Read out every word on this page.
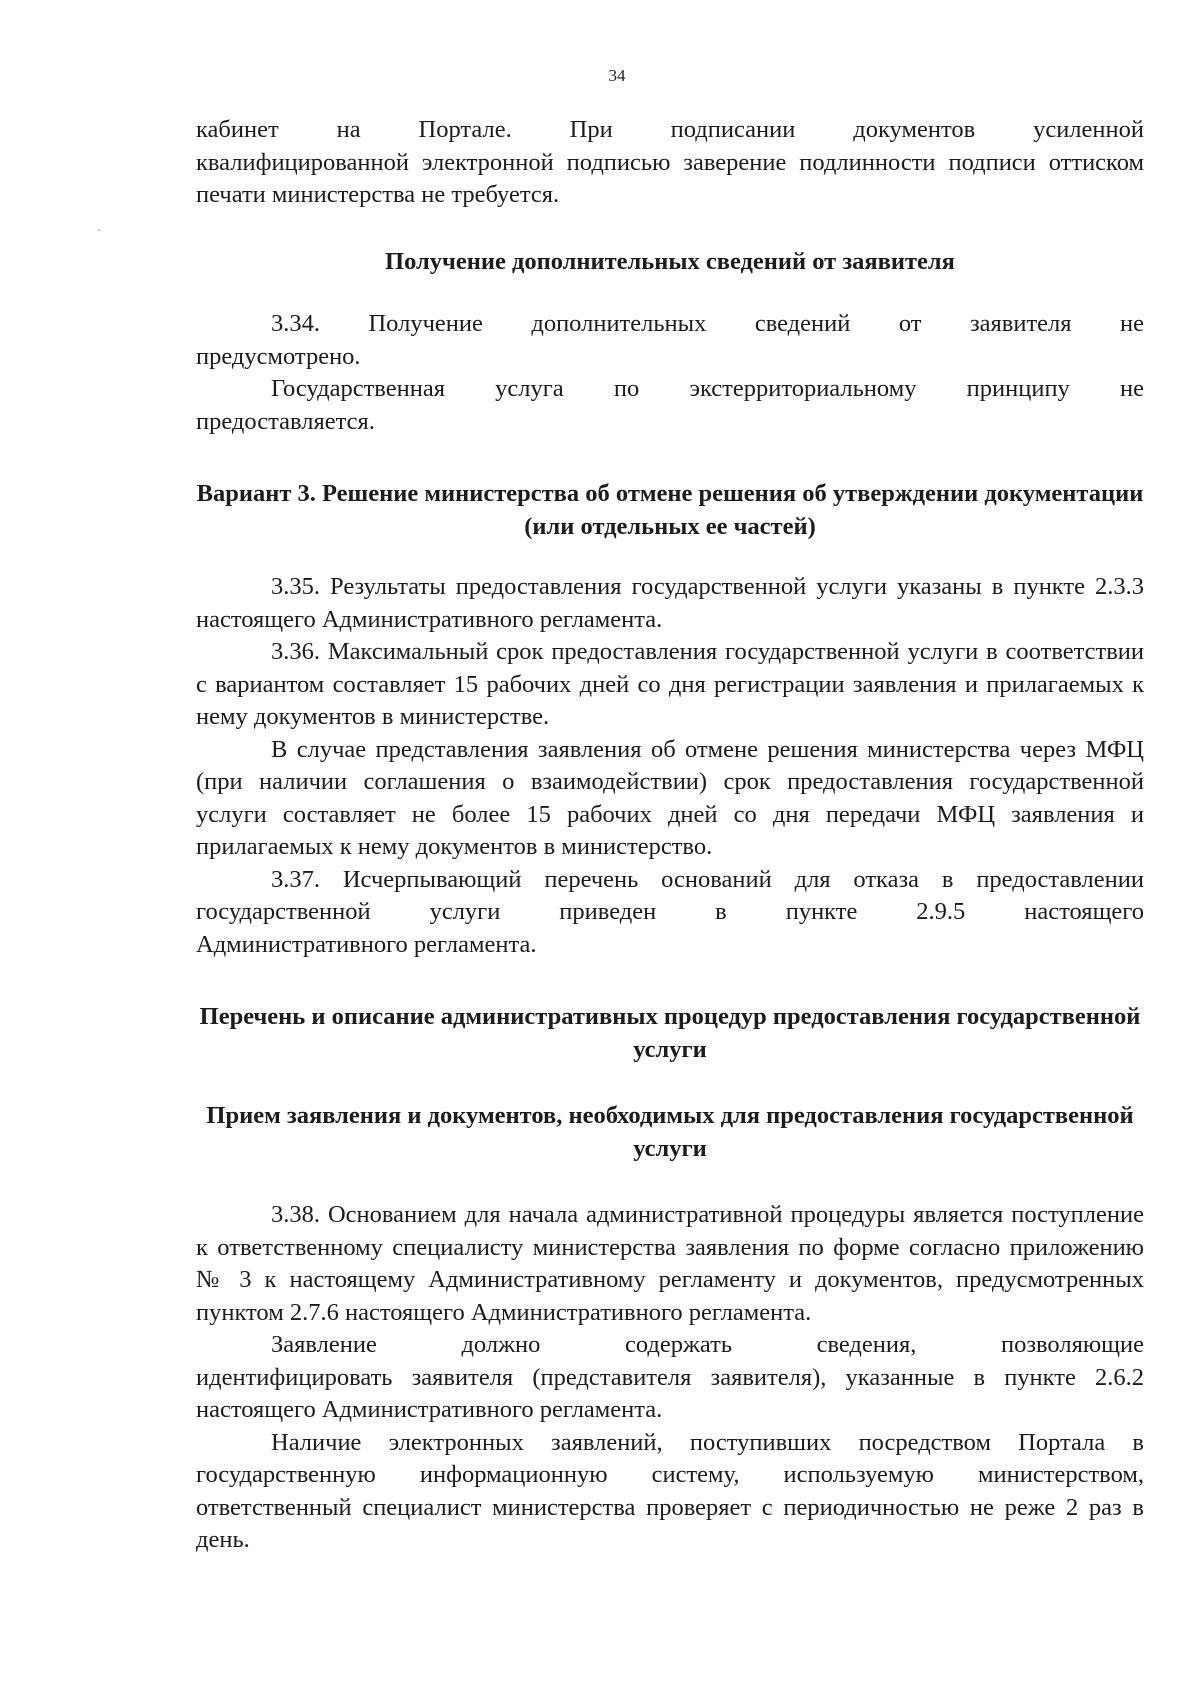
34

кабинет на Портале. При подписании документов усиленной

квалифицированной электронной подписью заверение подлинности подписи оттиском печати министерства не требуется.

Получение дополнительных сведений от заявителя

3.34. Получение дополнительных сведений от заявителя не

предусмотрено.

Государственная услуга по экстерриториальному принципу не

предоставляется.

Вариант 3. Решение министерства об отмене решения об утверждении документации (или отдельных ее частей)

3.35. Результаты предоставления государственной услуги указаны в пункте 2.3.3 настоящего Административного регламента.

3.36. Максимальный срок предоставления государственной услуги в соответствии с вариантом составляет 15 рабочих дней со дня регистрации заявления и прилагаемых к нему документов в министерстве.

В случае представления заявления об отмене решения министерства через МФЦ (при наличии соглашения о взаимодействии) срок предоставления государственной услуги составляет не более 15 рабочих дней со дня передачи МФЦ заявления и прилагаемых к нему документов в министерство.

3.37. Исчерпывающий перечень оснований для отказа в предоставлении

государственной услуги приведен в пункте 2.9.5 настоящего

Административного регламента.

Перечень и описание административных процедур предоставления государственной услуги
Прием заявления и документов, необходимых для предоставления государственной услуги

3.38. Основанием для начала административной процедуры является поступление к ответственному специалисту министерства заявления по форме согласно приложению № 3 к настоящему Административному регламенту и документов, предусмотренных пунктом 2.7.6 настоящего Административного регламента.

Заявление должно содержать сведения, позволяющие

идентифицировать заявителя (представителя заявителя), указанные в пункте 2.6.2 настоящего Административного регламента.

Наличие электронных заявлений, поступивших посредством Портала в государственную информационную систему, используемую министерством, ответственный специалист министерства проверяет с периодичностью не реже 2 раз в день.
